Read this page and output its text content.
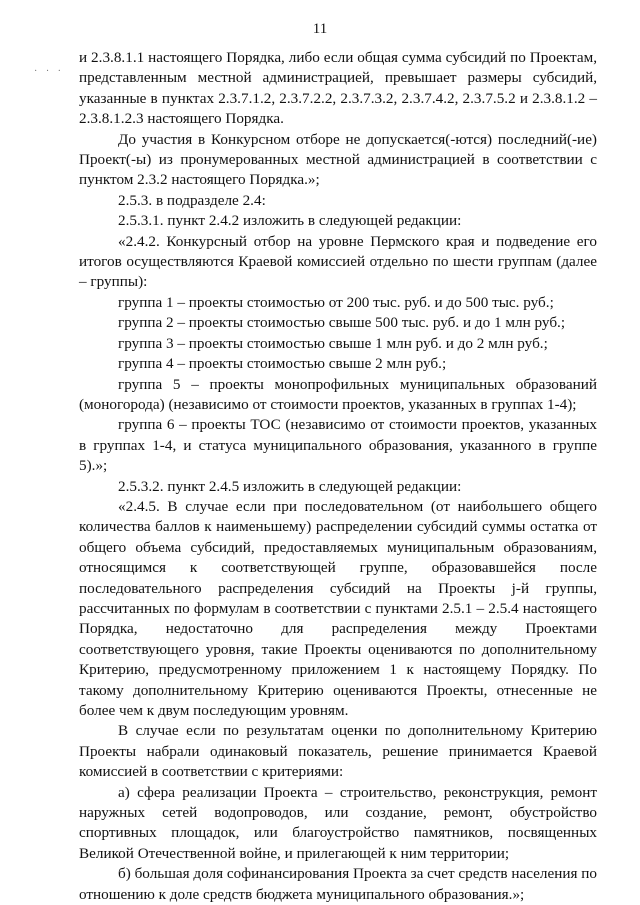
11
· · ·

и 2.3.8.1.1 настоящего Порядка, либо если общая сумма субсидий по Проектам, представленным местной администрацией, превышает размеры субсидий, указанные в пунктах 2.3.7.1.2, 2.3.7.2.2, 2.3.7.3.2, 2.3.7.4.2, 2.3.7.5.2 и 2.3.8.1.2 – 2.3.8.1.2.3 настоящего Порядка.

До участия в Конкурсном отборе не допускается(-ются) последний(-ие) Проект(-ы) из пронумерованных местной администрацией в соответствии с пунктом 2.3.2 настоящего Порядка.»;

2.5.3. в подразделе 2.4:

2.5.3.1. пункт 2.4.2 изложить в следующей редакции:

«2.4.2. Конкурсный отбор на уровне Пермского края и подведение его итогов осуществляются Краевой комиссией отдельно по шести группам (далее – группы):

группа 1 – проекты стоимостью от 200 тыс. руб. и до 500 тыс. руб.;

группа 2 – проекты стоимостью свыше 500 тыс. руб. и до 1 млн руб.;

группа 3 – проекты стоимостью свыше 1 млн руб. и до 2 млн руб.;

группа 4 – проекты стоимостью свыше 2 млн руб.;

группа 5 – проекты монопрофильных муниципальных образований (моногорода) (независимо от стоимости проектов, указанных в группах 1-4);

группа 6 – проекты ТОС (независимо от стоимости проектов, указанных в группах 1-4, и статуса муниципального образования, указанного в группе 5).»;

2.5.3.2. пункт 2.4.5 изложить в следующей редакции:

«2.4.5. В случае если при последовательном (от наибольшего общего количества баллов к наименьшему) распределении субсидий суммы остатка от общего объема субсидий, предоставляемых муниципальным образованиям, относящимся к соответствующей группе, образовавшейся после последовательного распределения субсидий на Проекты j-й группы, рассчитанных по формулам в соответствии с пунктами 2.5.1 – 2.5.4 настоящего Порядка, недостаточно для распределения между Проектами соответствующего уровня, такие Проекты оцениваются по дополнительному Критерию, предусмотренному приложением 1 к настоящему Порядку. По такому дополнительному Критерию оцениваются Проекты, отнесенные не более чем к двум последующим уровням.

В случае если по результатам оценки по дополнительному Критерию Проекты набрали одинаковый показатель, решение принимается Краевой комиссией в соответствии с критериями:

а) сфера реализации Проекта – строительство, реконструкция, ремонт наружных сетей водопроводов, или создание, ремонт, обустройство спортивных площадок, или благоустройство памятников, посвященных Великой Отечественной войне, и прилегающей к ним территории;

б) большая доля софинансирования Проекта за счет средств населения по отношению к доле средств бюджета муниципального образования.»;
